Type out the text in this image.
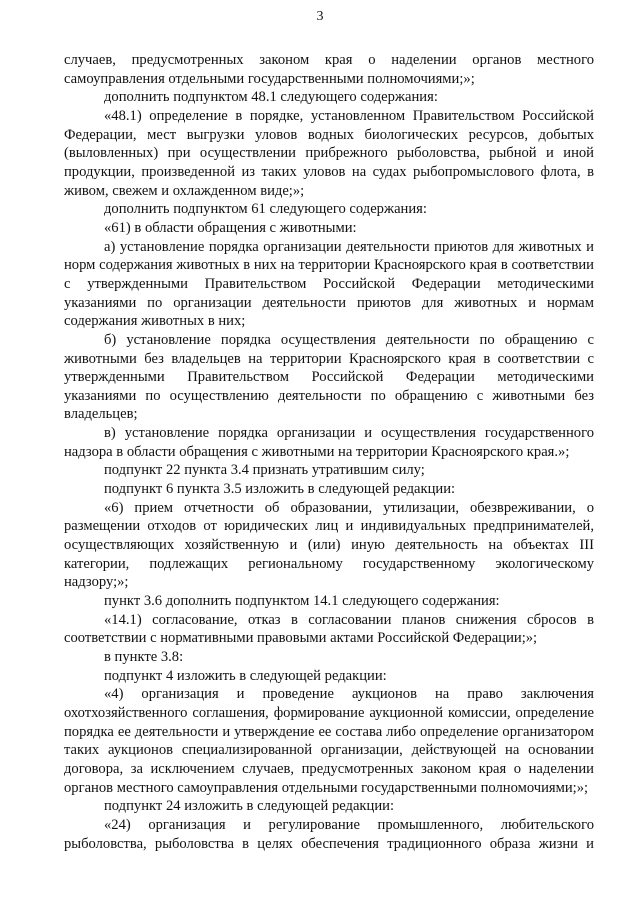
3

случаев, предусмотренных законом края о наделении органов местного самоуправления отдельными государственными полномочиями;»;

дополнить подпунктом 48.1 следующего содержания:

«48.1) определение в порядке, установленном Правительством Российской Федерации, мест выгрузки уловов водных биологических ресурсов, добытых (выловленных) при осуществлении прибрежного рыболовства, рыбной и иной продукции, произведенной из таких уловов на судах рыбопромыслового флота, в живом, свежем и охлажденном виде;»;

дополнить подпунктом 61 следующего содержания:

«61) в области обращения с животными:

а) установление порядка организации деятельности приютов для животных и норм содержания животных в них на территории Красноярского края в соответствии с утвержденными Правительством Российской Федерации методическими указаниями по организации деятельности приютов для животных и нормам содержания животных в них;

б) установление порядка осуществления деятельности по обращению с животными без владельцев на территории Красноярского края в соответствии с утвержденными Правительством Российской Федерации методическими указаниями по осуществлению деятельности по обращению с животными без владельцев;

в) установление порядка организации и осуществления государственного надзора в области обращения с животными на территории Красноярского края.»;

подпункт 22 пункта 3.4 признать утратившим силу;

подпункт 6 пункта 3.5 изложить в следующей редакции:

«6) прием отчетности об образовании, утилизации, обезвреживании, о размещении отходов от юридических лиц и индивидуальных предпринимателей, осуществляющих хозяйственную и (или) иную деятельность на объектах III категории, подлежащих региональному государственному экологическому надзору;»;

пункт 3.6 дополнить подпунктом 14.1 следующего содержания:

«14.1) согласование, отказ в согласовании планов снижения сбросов в соответствии с нормативными правовыми актами Российской Федерации;»;

в пункте 3.8:

подпункт 4 изложить в следующей редакции:

«4) организация и проведение аукционов на право заключения охотхозяйственного соглашения, формирование аукционной комиссии, определение порядка ее деятельности и утверждение ее состава либо определение организатором таких аукционов специализированной организации, действующей на основании договора, за исключением случаев, предусмотренных законом края о наделении органов местного самоуправления отдельными государственными полномочиями;»;

подпункт 24 изложить в следующей редакции:

«24) организация и регулирование промышленного, любительского рыболовства, рыболовства в целях обеспечения традиционного образа жизни и
